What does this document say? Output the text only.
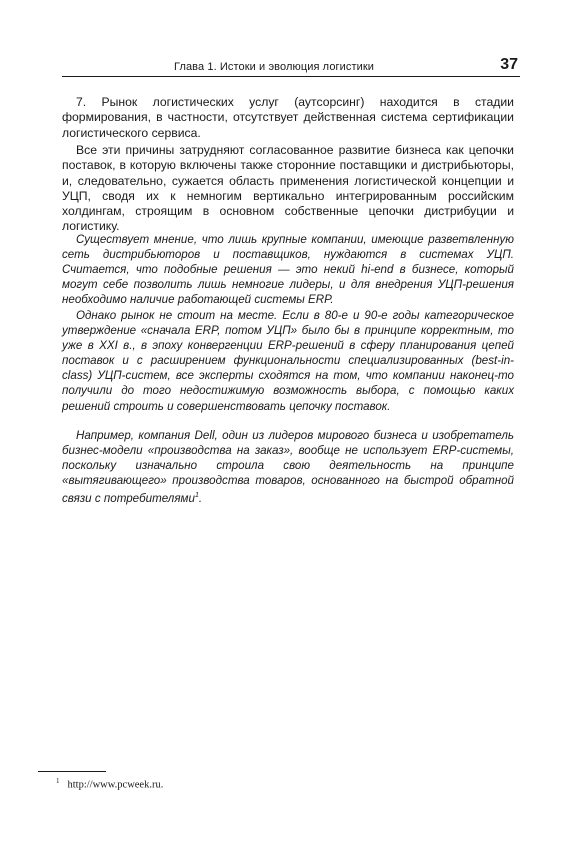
Глава 1. Истоки и эволюция логистики	37

7. Рынок логистических услуг (аутсорсинг) находится в стадии формирования, в частности, отсутствует действенная система сертификации логистического сервиса.

Все эти причины затрудняют согласованное развитие бизнеса как цепочки поставок, в которую включены также сторонние поставщики и дистрибьюторы, и, следовательно, сужается область применения логистической концепции и УЦП, сводя их к немногим вертикально интегрированным российским холдингам, строящим в основном собственные цепочки дистрибуции и логистику.

Существует мнение, что лишь крупные компании, имеющие разветвленную сеть дистрибьюторов и поставщиков, нуждаются в системах УЦП. Считается, что подобные решения — это некий hi-end в бизнесе, который могут себе позволить лишь немногие лидеры, и для внедрения УЦП-решения необходимо наличие работающей системы ERP.

Однако рынок не стоит на месте. Если в 80-е и 90-е годы категорическое утверждение «сначала ERP, потом УЦП» было бы в принципе корректным, то уже в XXI в., в эпоху конвергенции ERP-решений в сферу планирования цепей поставок и с расширением функциональности специализированных (best-in-class) УЦП-систем, все эксперты сходятся на том, что компании наконец-то получили до того недостижимую возможность выбора, с помощью каких решений строить и совершенствовать цепочку поставок.

Например, компания Dell, один из лидеров мирового бизнеса и изобретатель бизнес-модели «производства на заказ», вообще не использует ERP-системы, поскольку изначально строила свою деятельность на принципе «вытягивающего» производства товаров, основанного на быстрой обратной связи с потребителями$^1$.

$^1$ http://www.pcweek.ru.
